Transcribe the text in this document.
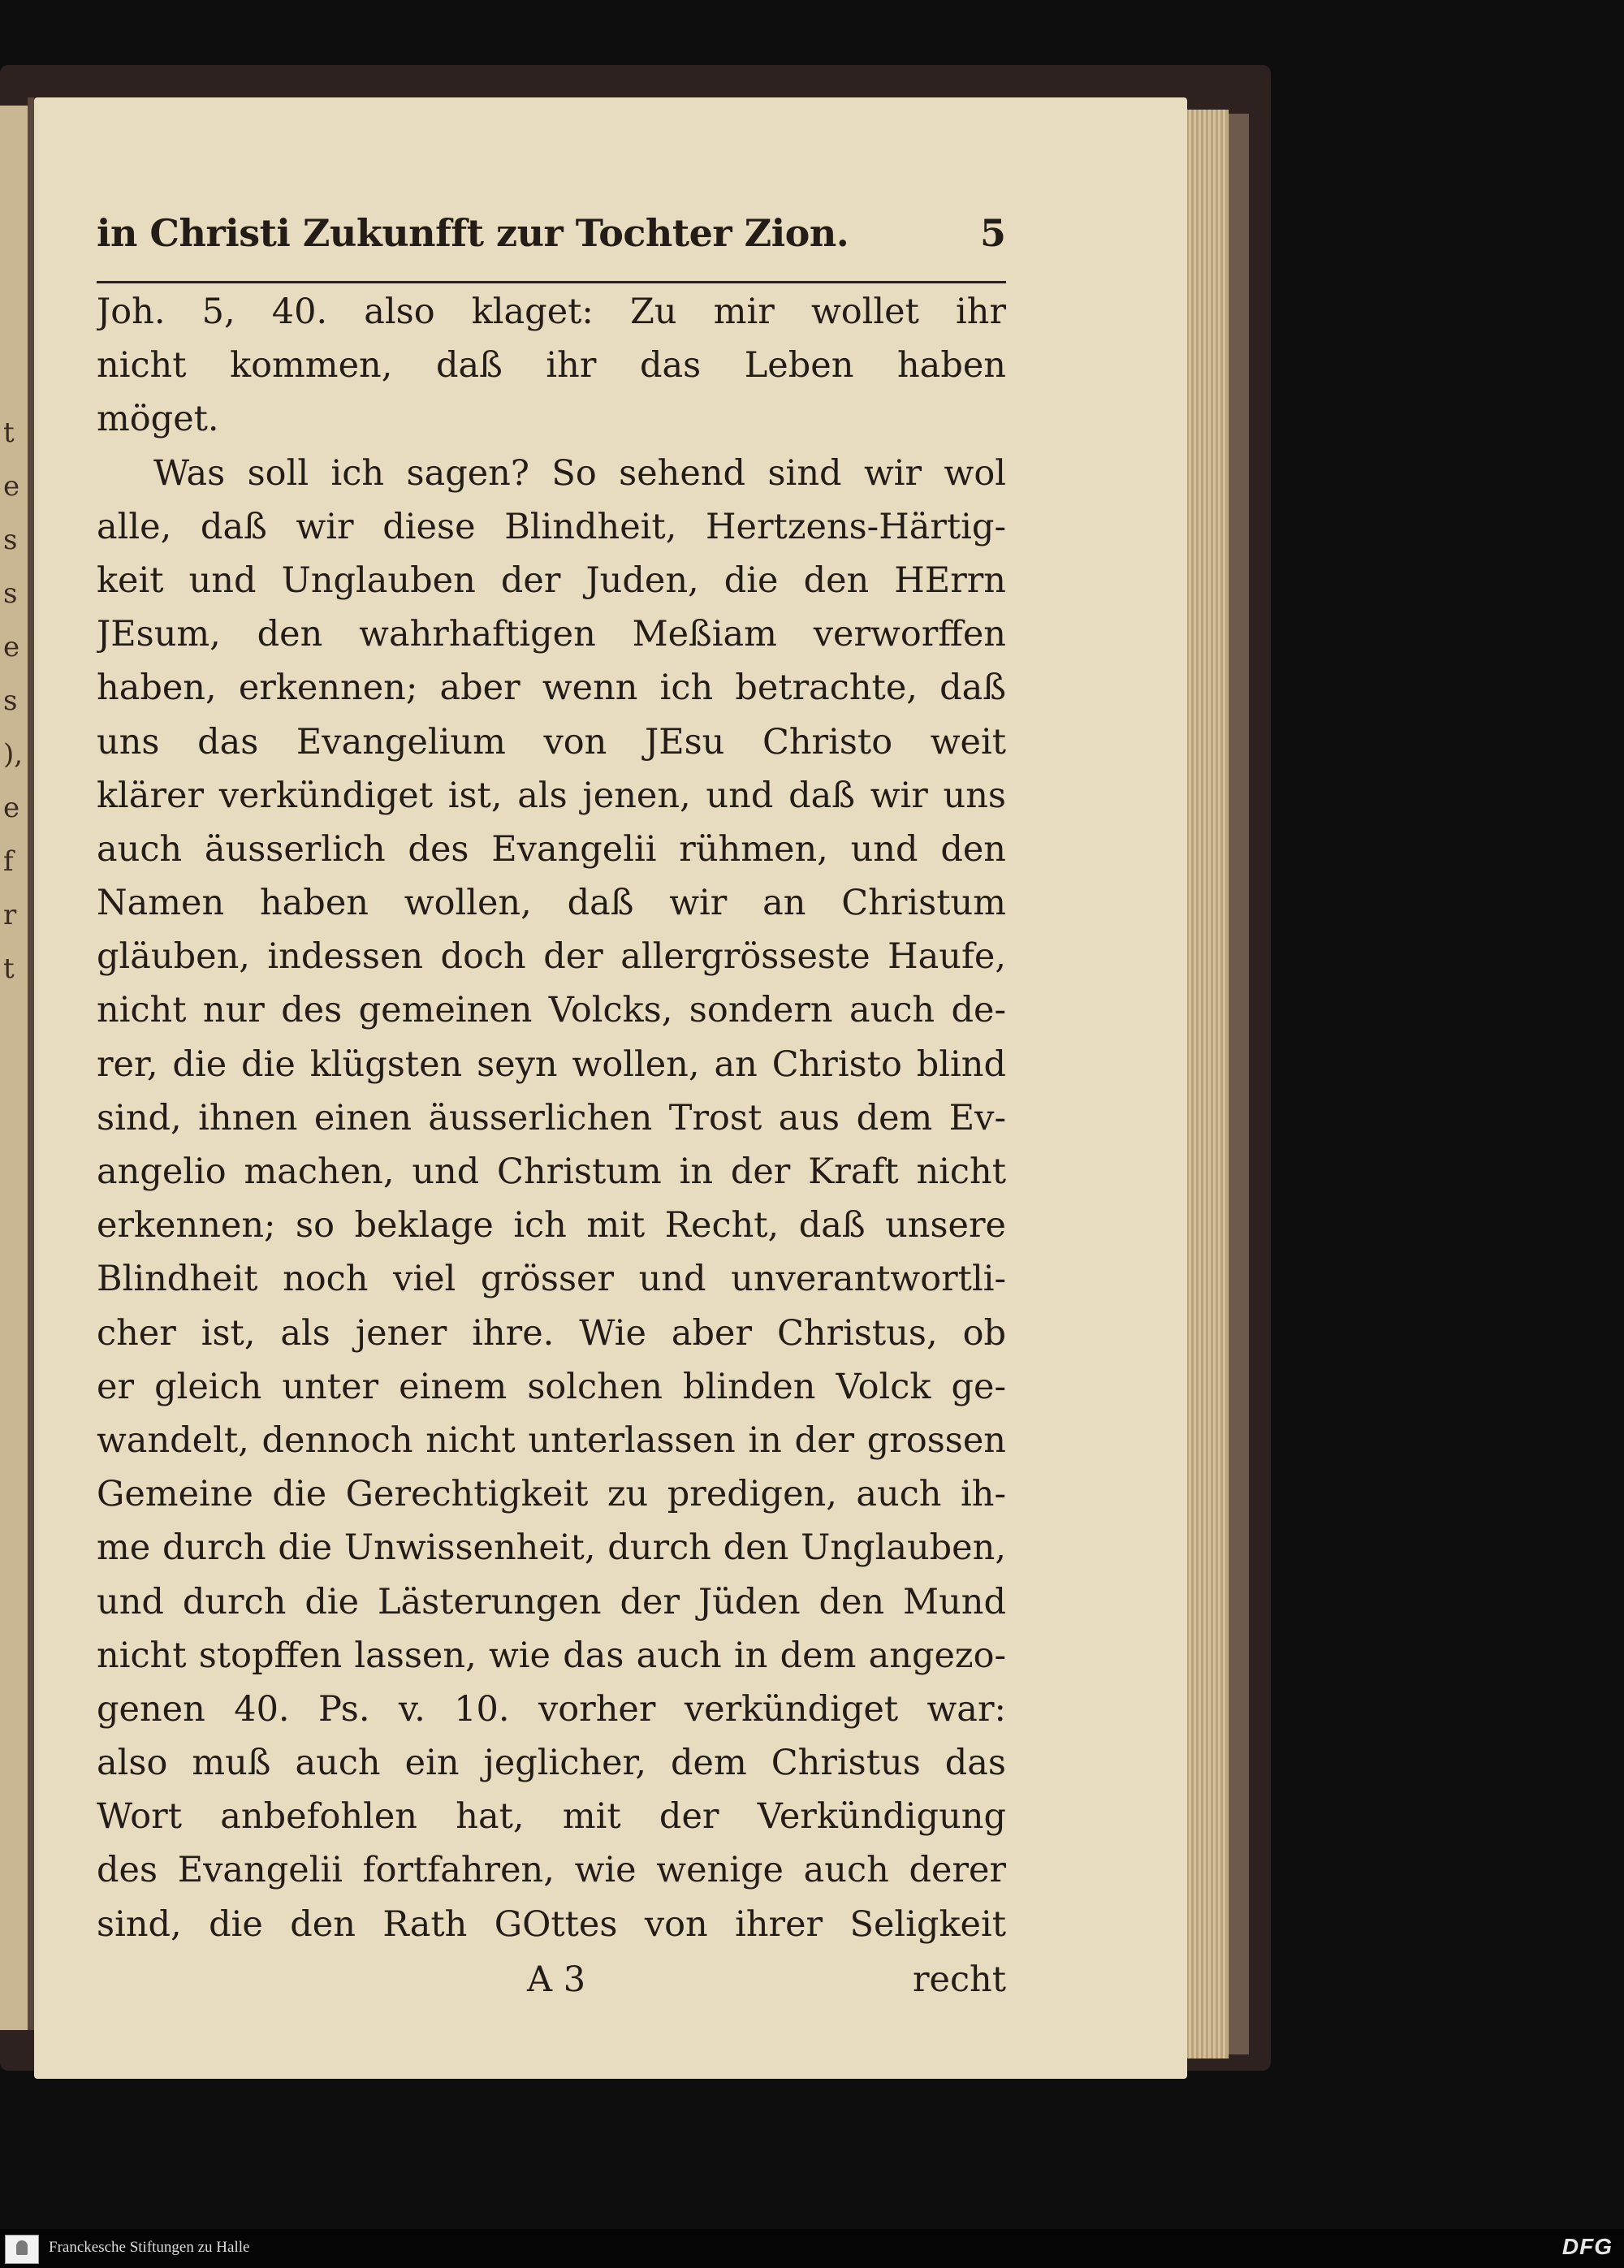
t
e
s
s
e
s
),
e
f
r
t
in Christi Zukunfft zur Tochter Zion.	5
Joh. 5, 40. also klaget: Zu mir wollet ihr
nicht kommen, daß ihr das Leben haben
möget.
Was soll ich sagen? So sehend sind wir wol
alle, daß wir diese Blindheit, Hertzens-Härtig-
keit und Unglauben der Juden, die den HErrn
JEsum, den wahrhaftigen Meßiam verworffen
haben, erkennen; aber wenn ich betrachte, daß
uns das Evangelium von JEsu Christo weit
klärer verkündiget ist, als jenen, und daß wir uns
auch äusserlich des Evangelii rühmen, und den
Namen haben wollen, daß wir an Christum
gläuben, indessen doch der allergrösseste Haufe,
nicht nur des gemeinen Volcks, sondern auch de-
rer, die die klügsten seyn wollen, an Christo blind
sind, ihnen einen äusserlichen Trost aus dem Ev-
angelio machen, und Christum in der Kraft nicht
erkennen; so beklage ich mit Recht, daß unsere
Blindheit noch viel grösser und unverantwortli-
cher ist, als jener ihre. Wie aber Christus, ob
er gleich unter einem solchen blinden Volck ge-
wandelt, dennoch nicht unterlassen in der grossen
Gemeine die Gerechtigkeit zu predigen, auch ih-
me durch die Unwissenheit, durch den Unglauben,
und durch die Lästerungen der Jüden den Mund
nicht stopffen lassen, wie das auch in dem angezo-
genen 40. Ps. v. 10. vorher verkündiget war:
also muß auch ein jeglicher, dem Christus das
Wort anbefohlen hat, mit der Verkündigung
des Evangelii fortfahren, wie wenige auch derer
sind, die den Rath GOttes von ihrer Seligkeit
A 3	recht
Franckesche Stiftungen zu Halle	DFG
